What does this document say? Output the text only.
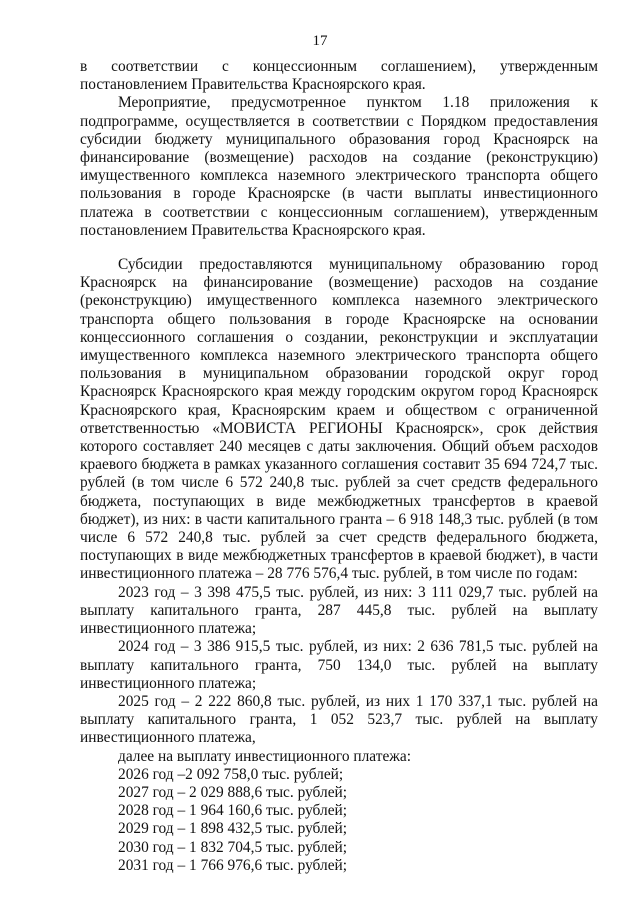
17

в соответствии с концессионным соглашением), утвержденным постановлением Правительства Красноярского края.

Мероприятие, предусмотренное пунктом 1.18 приложения к подпрограмме, осуществляется в соответствии с Порядком предоставления субсидии бюджету муниципального образования город Красноярск на финансирование (возмещение) расходов на создание (реконструкцию) имущественного комплекса наземного электрического транспорта общего пользования в городе Красноярске (в части выплаты инвестиционного платежа в соответствии с концессионным соглашением), утвержденным постановлением Правительства Красноярского края.

Субсидии предоставляются муниципальному образованию город Красноярск на финансирование (возмещение) расходов на создание (реконструкцию) имущественного комплекса наземного электрического транспорта общего пользования в городе Красноярске на основании концессионного соглашения о создании, реконструкции и эксплуатации имущественного комплекса наземного электрического транспорта общего пользования в муниципальном образовании городской округ город Красноярск Красноярского края между городским округом город Красноярск Красноярского края, Красноярским краем и обществом с ограниченной ответственностью «МОВИСТА РЕГИОНЫ Красноярск», срок действия которого составляет 240 месяцев с даты заключения. Общий объем расходов краевого бюджета в рамках указанного соглашения составит 35 694 724,7 тыс. рублей (в том числе 6 572 240,8 тыс. рублей за счет средств федерального бюджета, поступающих в виде межбюджетных трансфертов в краевой бюджет), из них: в части капитального гранта – 6 918 148,3 тыс. рублей (в том числе 6 572 240,8 тыс. рублей за счет средств федерального бюджета, поступающих в виде межбюджетных трансфертов в краевой бюджет), в части инвестиционного платежа – 28 776 576,4 тыс. рублей, в том числе по годам:

2023 год – 3 398 475,5 тыс. рублей, из них: 3 111 029,7 тыс. рублей на выплату капитального гранта, 287 445,8 тыс. рублей на выплату инвестиционного платежа;

2024 год – 3 386 915,5 тыс. рублей, из них: 2 636 781,5 тыс. рублей на выплату капитального гранта, 750 134,0 тыс. рублей на выплату инвестиционного платежа;

2025 год – 2 222 860,8 тыс. рублей, из них 1 170 337,1 тыс. рублей на выплату капитального гранта, 1 052 523,7 тыс. рублей на выплату инвестиционного платежа,

далее на выплату инвестиционного платежа:

2026 год –2 092 758,0 тыс. рублей;

2027 год – 2 029 888,6 тыс. рублей;

2028 год – 1 964 160,6 тыс. рублей;

2029 год – 1 898 432,5 тыс. рублей;

2030 год – 1 832 704,5 тыс. рублей;

2031 год – 1 766 976,6 тыс. рублей;
